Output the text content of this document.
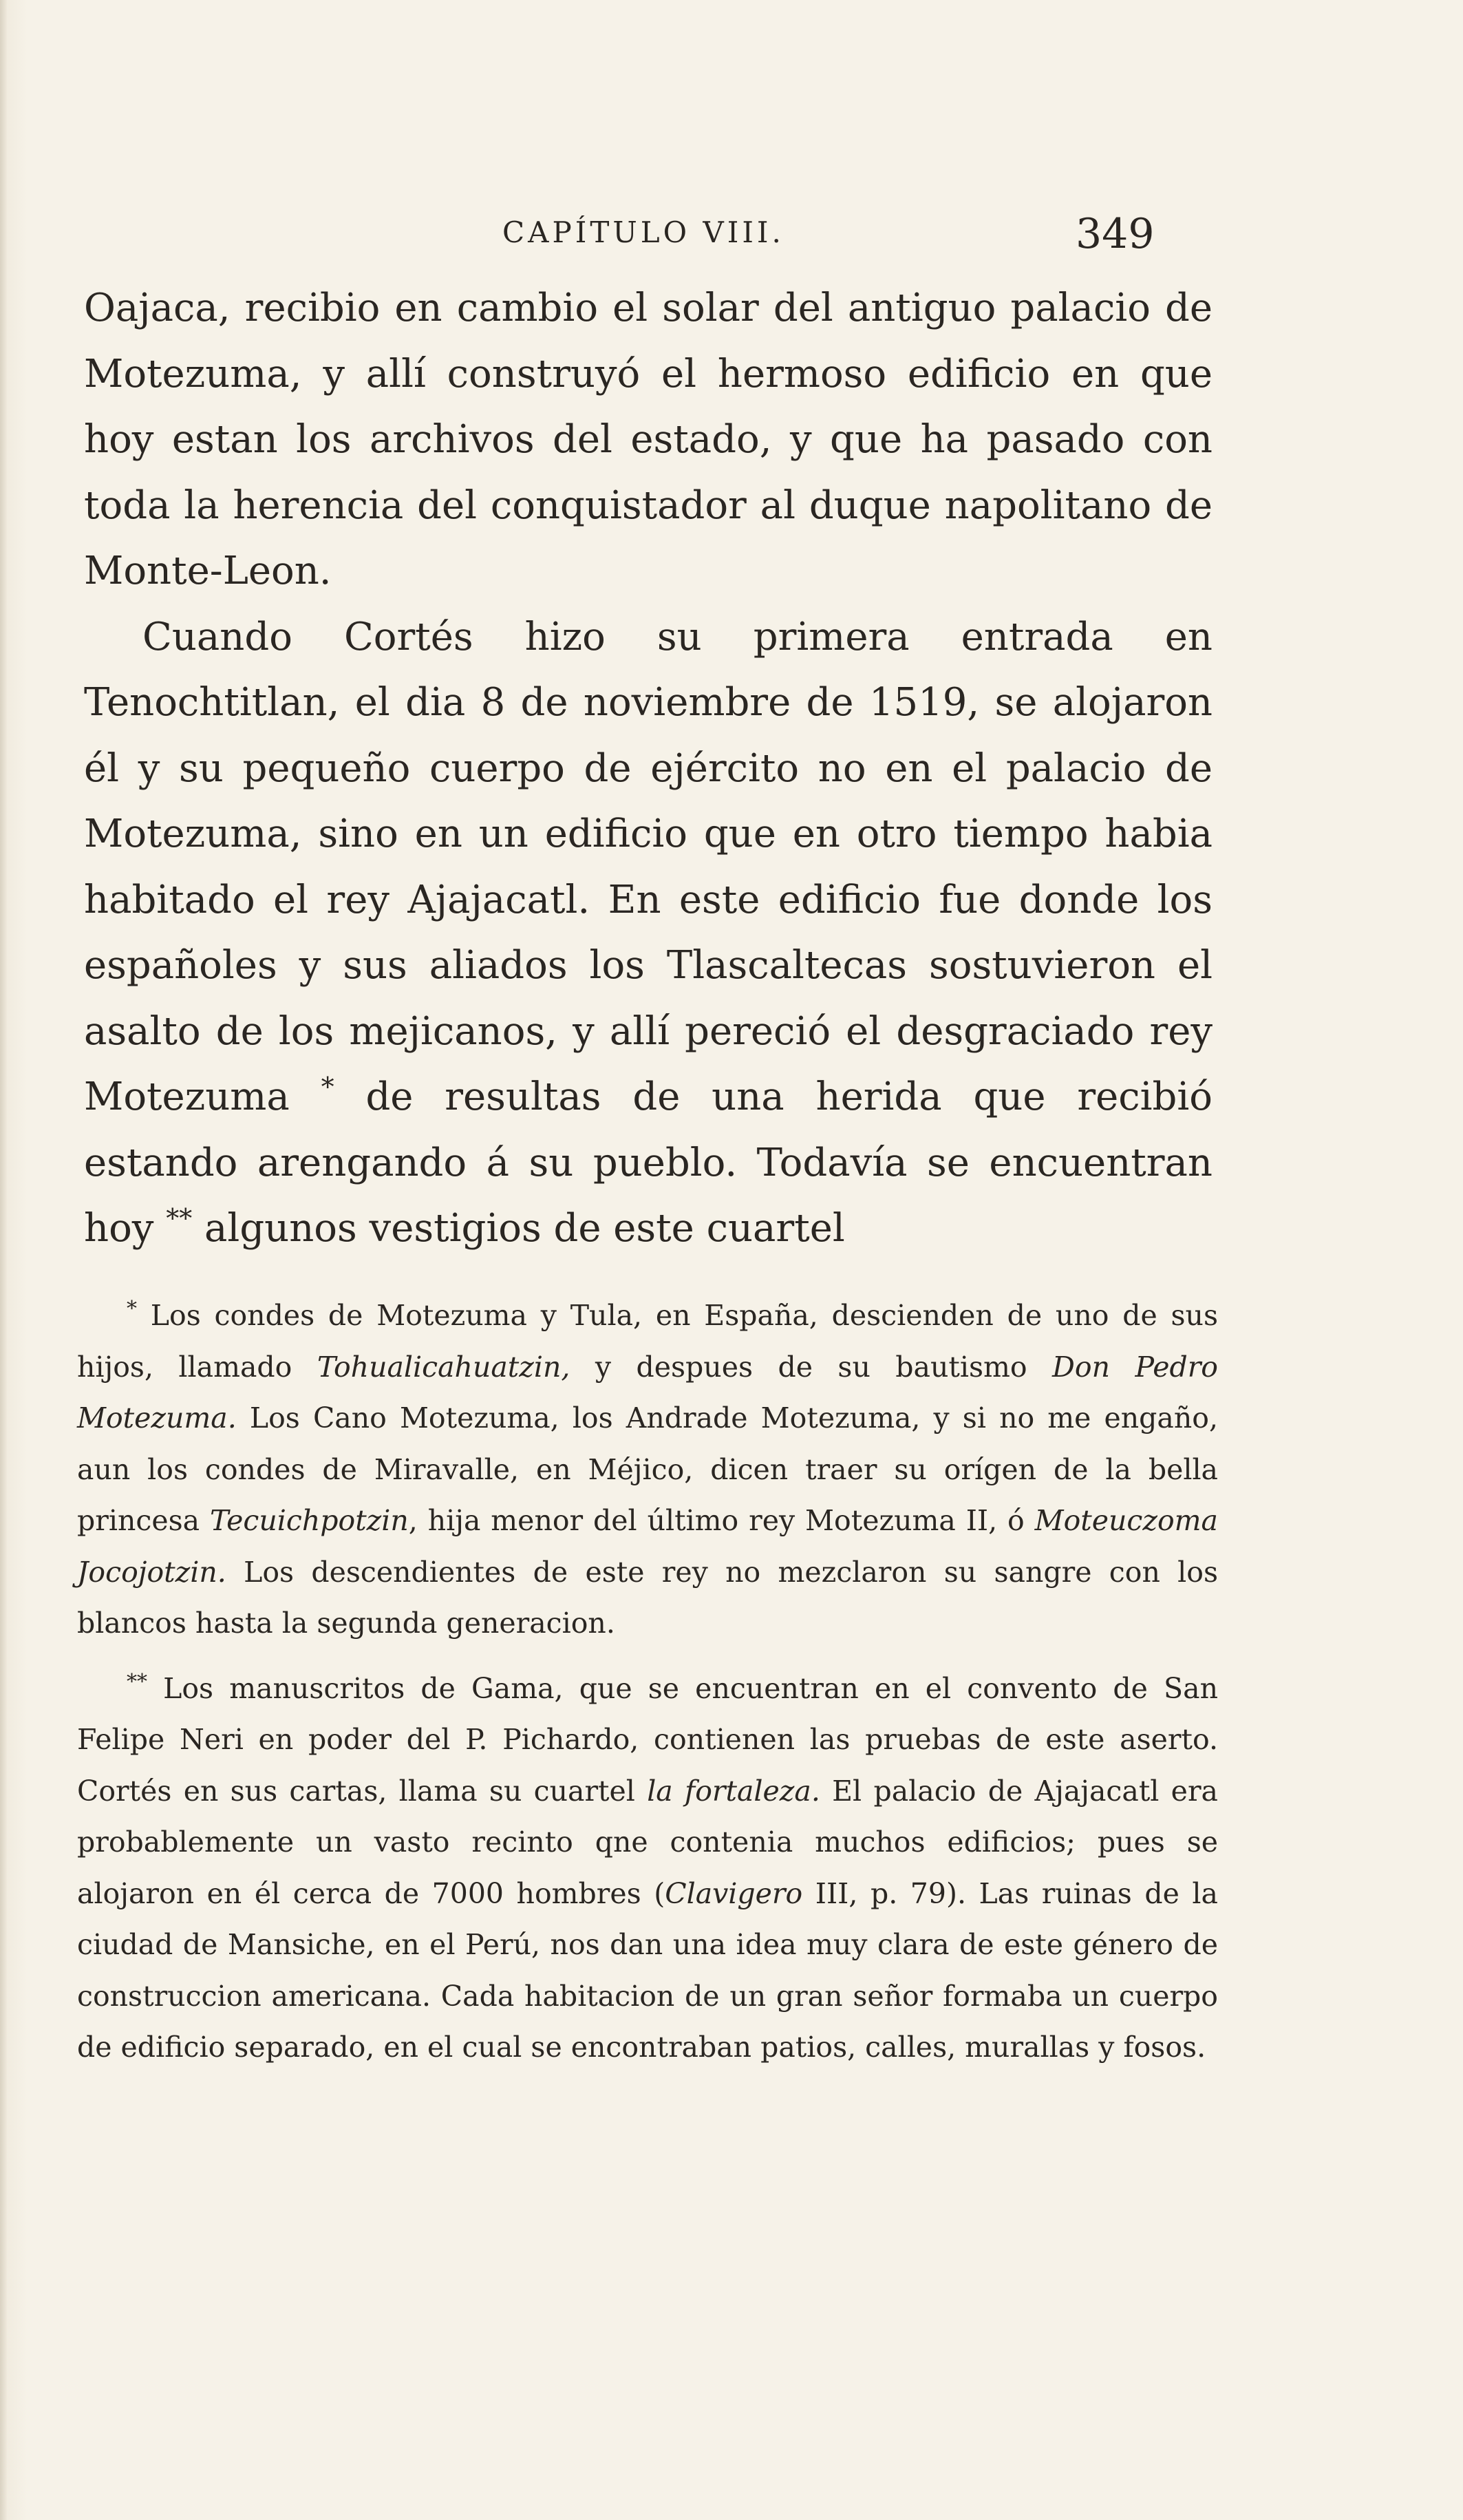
CAPÍTULO VIII.	349

Oajaca, recibio en cambio el solar del antiguo palacio de Motezuma, y allí construyó el hermoso edificio en que hoy estan los archivos del estado, y que ha pasado con toda la herencia del conquistador al duque napolitano de Monte-Leon.

Cuando Cortés hizo su primera entrada en Tenochtitlan, el dia 8 de noviembre de 1519, se alojaron él y su pequeño cuerpo de ejército no en el palacio de Motezuma, sino en un edificio que en otro tiempo habia habitado el rey Ajajacatl. En este edificio fue donde los españoles y sus aliados los Tlascaltecas sostuvieron el asalto de los mejicanos, y allí pereció el desgraciado rey Motezuma * de resultas de una herida que recibió estando arengando á su pueblo. Todavía se encuentran hoy ** algunos vestigios de este cuartel

* Los condes de Motezuma y Tula, en España, descienden de uno de sus hijos, llamado Tohualicahuatzin, y despues de su bautismo Don Pedro Motezuma. Los Cano Motezuma, los Andrade Motezuma, y si no me engaño, aun los condes de Miravalle, en Méjico, dicen traer su orígen de la bella princesa Tecuichpotzin, hija menor del último rey Motezuma II, ó Moteuczoma Jocojotzin. Los descendientes de este rey no mezclaron su sangre con los blancos hasta la segunda generacion.

** Los manuscritos de Gama, que se encuentran en el convento de San Felipe Neri en poder del P. Pichardo, contienen las pruebas de este aserto. Cortés en sus cartas, llama su cuartel la fortaleza. El palacio de Ajajacatl era probablemente un vasto recinto qne contenia muchos edificios; pues se alojaron en él cerca de 7000 hombres (Clavigero III, p. 79). Las ruinas de la ciudad de Mansiche, en el Perú, nos dan una idea muy clara de este género de construccion americana. Cada habitacion de un gran señor formaba un cuerpo de edificio separado, en el cual se encontraban patios, calles, murallas y fosos.
